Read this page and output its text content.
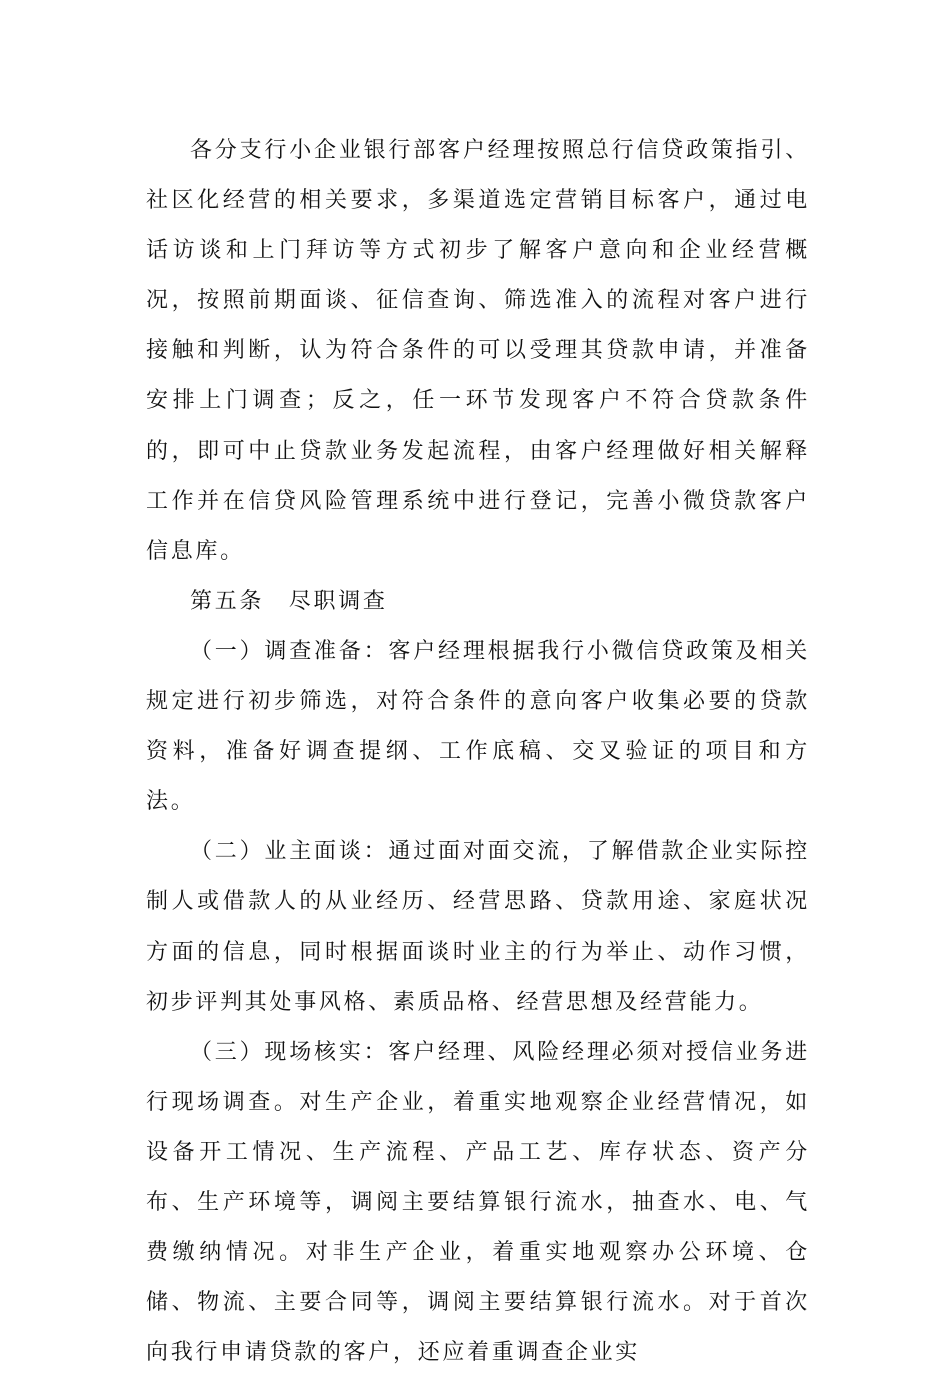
各分支行小企业银行部客户经理按照总行信贷政策指引、社区化经营的相关要求，多渠道选定营销目标客户，通过电话访谈和上门拜访等方式初步了解客户意向和企业经营概况，按照前期面谈、征信查询、筛选准入的流程对客户进行接触和判断，认为符合条件的可以受理其贷款申请，并准备安排上门调查；反之，任一环节发现客户不符合贷款条件的，即可中止贷款业务发起流程，由客户经理做好相关解释工作并在信贷风险管理系统中进行登记，完善小微贷款客户信息库。

第五条　尽职调查

（一）调查准备：客户经理根据我行小微信贷政策及相关规定进行初步筛选，对符合条件的意向客户收集必要的贷款资料，准备好调查提纲、工作底稿、交叉验证的项目和方法。

（二）业主面谈：通过面对面交流，了解借款企业实际控制人或借款人的从业经历、经营思路、贷款用途、家庭状况方面的信息，同时根据面谈时业主的行为举止、动作习惯，初步评判其处事风格、素质品格、经营思想及经营能力。

（三）现场核实：客户经理、风险经理必须对授信业务进行现场调查。对生产企业，着重实地观察企业经营情况，如设备开工情况、生产流程、产品工艺、库存状态、资产分布、生产环境等，调阅主要结算银行流水，抽查水、电、气费缴纳情况。对非生产企业，着重实地观察办公环境、仓储、物流、主要合同等，调阅主要结算银行流水。对于首次向我行申请贷款的客户，还应着重调查企业实
